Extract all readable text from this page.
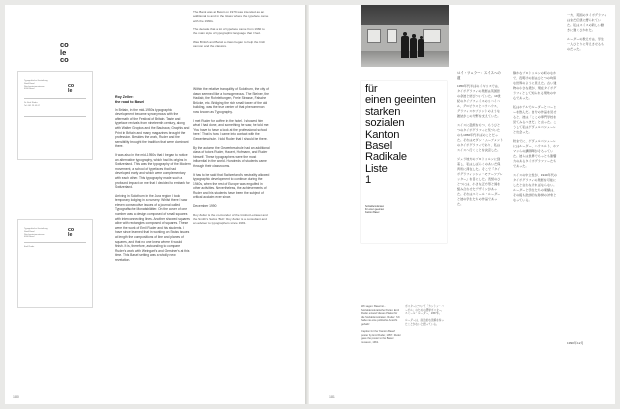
co
le
co
Typografische Gestaltung
Stadt Basel
Reichensteinerstrasse
4000 Basel
co
le
Dr. Emil Ruder
Tel. 061 23 45 67
Typografische Gestaltung
Stadt Basel
Reichensteinerstrasse
4000 Basel
co
le
Emil Ruder
The Bank was at Beloit on 1979 was intended as an additional to and in the Glass where the typeface came with the 1960s.

The decade that a lot of typeface came from 1960 to the main style of typographic language that I had.

Was British and Beloit a class began to help the Irish cannon and the classics.
Roy Zeller:
the road to Basel

In Britain, in the mid-1950s typographic development became synonymous with the aftermath of the Festival of Britain. Taste and typeface revivals from nineteenth century, along with Walter Gropius and the Bauhaus; Graphis and Print in Britain and many magazines brought the profession. Besides the work, Ruder and the sensibility brought the tradition that were dominant there.

It was also in the mid-1950s that I began to notice an alternative typography, which had its origins in Switzerland. This was the typography of the Modern movement, a school of typefaces that had developed early and which were complementary with each other. This typography made such a profound impact on me that I decided to embark for Switzerland.

Arriving in Solothurn in the Jura region I took temporary lodging in a nursery. Whilst there I saw eleven consecutive issues of a journal called Typografische Monatsblätter. On the cover of one number was a design composed of small squares with interconnecting lines. Another showed squares alive with rectangles composed of squares. These were the work of Emil Ruder and his students. I have since learned that in working on Swiss issues at length the compositions of line and planes of squares, and that no one knew where it would finish. It is, therefore, astounding to compare Ruder's work with Weingart's and Gerstner's at this time. This Basel setting was a wholly new revelation.

Within the relative tranquility of Solothurn, the city of dawn seemed like a homogeneous. The Steiner, the Hadiab, the Rohrleitungen, Freie Strasse, Falsche Brücke, etc. Bridging the rich small tower of the old building, was the true center of that phenomenon now known as Typography.

I met Ruder for coffee in the hotel. I showed him what I had done, and something he saw, he told me: 'You have to have a look at the professional school here.' That is how I came into contact with the Gewerbeschule. I told Ruder that I should be there.

By the autumn the Gewerbeschule had an additional class of tutors Ruder, Hauert, Hofmann, and Ruder himself. These typographers were the most influential in the world. Hundreds of students came through their classrooms.

It has to be said that Switzerland's neutrality allowed typographic development to continue during the 1940s, when the rest of Europe was engulfed in other activities. Nevertheless, the achievements of Ruder and his students have been the subject of critical acclaim ever since.

December 1990

Roy Zeller is the co-founder of the Institut Letraset and the Smith's Swiss 'Bull.' Roy Zeller is a consultant and an adviser to typographers since 1981.

180
für
einen geeinten
starken
sozialen
Kanton
Basel
Radikale
Liste
1
Sozialdemokraten
für einen geeinten
Kanton Basel
Wir sagen: Basel ist... Sozialdemokratische Partei. Emil Ruder entwarf dieses Plakat für die Sozialdemokraten. Ruder: 'Ich habe nie eine politische Ansicht gehabt.'

Caption for the 'Kanton Basel' poster by Emil Ruder, 1957. Ruder gave the poster to the Basel museum, 1961.
ポスターについて「カントン・バーゼル」のための選挙ポスター。エミール・ルーダー、1957年。

ルーダーは、政治的な見解を持ったことがないと語っている。
ロイ・ツェラー：スイスへの道

1950年代半ばのイギリスでは、タイポグラフィの発展は英国祭の余波と結びついていた。19世紀のタイプフェイスのリバイバル、グロピウスとバウハウス、グラフィスやプリントのような雑誌がこの分野を支えていた。

スイスに起源をもつ、もうひとつのタイポグラフィに気づいたのも1950年代半ばのことだった。それはモダン・ムーブメントのタイポグラフィであり、私はスイスへ行くことを決意した。

ジュラ地方のゾロトゥルンに到着し、私はしばらくのあいだ保育所に滞在した。そこで『タイポグラフィッシェ・モナーツブレッター』を目にした。表紙のひとつには、小さな正方形と線を組み合わせたデザインがあった。それはエミール・ルーダーと彼の学生たちの作品であった。

静かなゾロトゥルンの町のなかで、夜明けの街はひとつの均質な世界のように見えた。古い建物の小さな塔が、現在タイポグラフィとして知られる現象の中心であった。

私はホテルでルーダーとコーヒーを飲んだ。自分の作品を見せると、彼は「ここの専門学校を見てみるべきだ」と言った。こうして私はゲヴェルベシューレと出会った。

秋までに、ゲヴェルベシューレにはルーダー、ハウエルト、ホフマンらの講師陣がそろっていた。彼らは世界でもっとも影響力のあるタイポグラファーたちであった。

スイスの中立性が、1940年代のタイポグラフィの発展を可能にしたと言わなければならない。ルーダーと学生たちの業績は、その後も批評的な称賛の対象となっている。

一方、英国のタイポグラフィはまだ伝統に縛られていた。私はスイスの新しい動きに強くひかれた。

ルーダーの教え方は、学生一人ひとりに考えさせるものだった。

1990年12月
181
